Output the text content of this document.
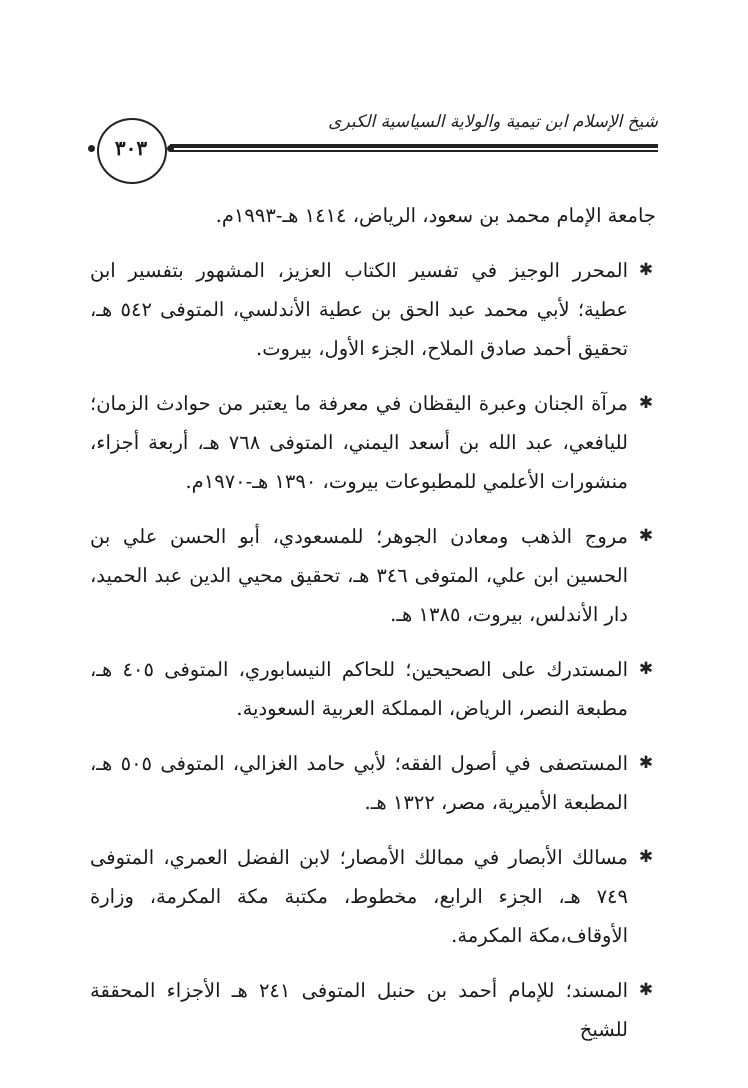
شيخ الإسلام ابن تيمية والولاية السياسية الكبرى
٣٠٣

جامعة الإمام محمد بن سعود، الرياض، ١٤١٤ هـ-١٩٩٣م.

✱
المحرر الوجيز في تفسير الكتاب العزيز، المشهور بتفسير ابن عطية؛ لأبي محمد عبد الحق بن عطية الأندلسي، المتوفى ٥٤٢ هـ، تحقيق أحمد صادق الملاح، الجزء الأول، بيروت.

✱
مرآة الجنان وعبرة اليقظان في معرفة ما يعتبر من حوادث الزمان؛ لليافعي، عبد الله بن أسعد اليمني، المتوفى ٧٦٨ هـ، أربعة أجزاء، منشورات الأعلمي للمطبوعات بيروت، ١٣٩٠ هـ-١٩٧٠م.

✱
مروج الذهب ومعادن الجوهر؛ للمسعودي، أبو الحسن علي بن الحسين ابن علي، المتوفى ٣٤٦ هـ، تحقيق محيي الدين عبد الحميد، دار الأندلس، بيروت، ١٣٨٥ هـ.

✱
المستدرك على الصحيحين؛ للحاكم النيسابوري، المتوفى ٤٠٥ هـ، مطبعة النصر، الرياض، المملكة العربية السعودية.

✱
المستصفى في أصول الفقه؛ لأبي حامد الغزالي، المتوفى ٥٠٥ هـ، المطبعة الأميرية، مصر، ١٣٢٢ هـ.

✱
مسالك الأبصار في ممالك الأمصار؛ لابن الفضل العمري، المتوفى ٧٤٩ هـ، الجزء الرابع، مخطوط، مكتبة مكة المكرمة، وزارة الأوقاف،مكة المكرمة.

✱
المسند؛ للإمام أحمد بن حنبل المتوفى ٢٤١ هـ الأجزاء المحققة للشيخ
